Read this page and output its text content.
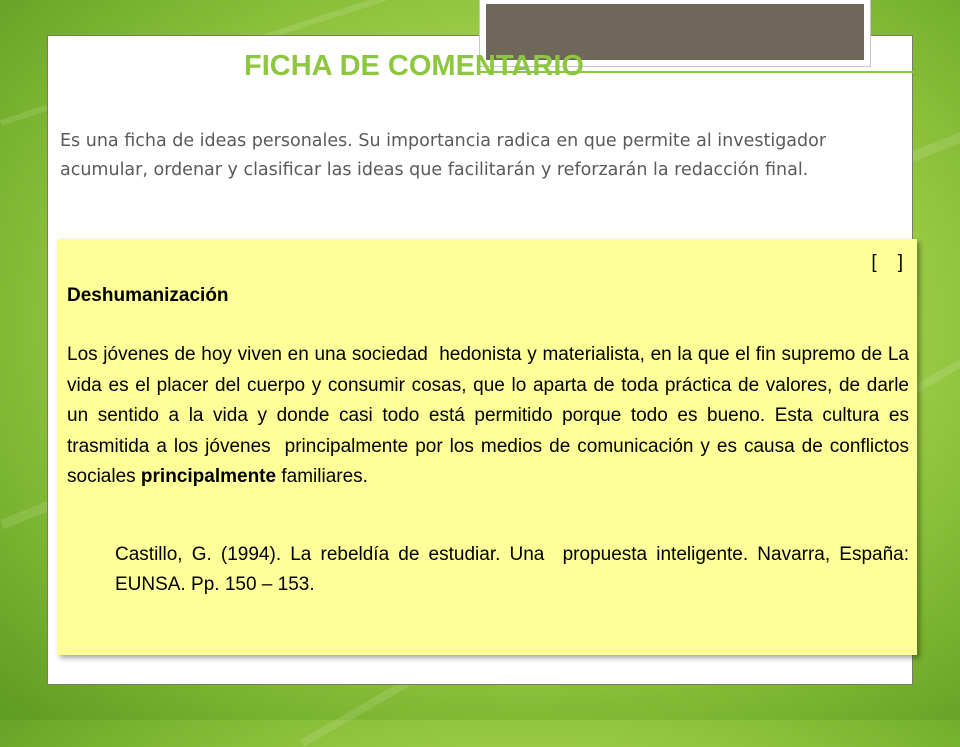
FICHA DE COMENTARIO

Es una ficha de ideas personales. Su importancia radica en que permite al investigador acumular, ordenar y clasificar las ideas que facilitarán y reforzarán la redacción final.

[    ]

Deshumanización

Los jóvenes de hoy viven en una sociedad  hedonista y materialista, en la que el fin supremo de La vida es el placer del cuerpo y consumir cosas, que lo aparta de toda práctica de valores, de darle un sentido a la vida y donde casi todo está permitido porque todo es bueno. Esta cultura es trasmitida a los jóvenes  principalmente por los medios de comunicación y es causa de conflictos sociales principalmente familiares.

Castillo, G. (1994). La rebeldía de estudiar. Una  propuesta inteligente. Navarra, España: EUNSA. Pp. 150 – 153.
